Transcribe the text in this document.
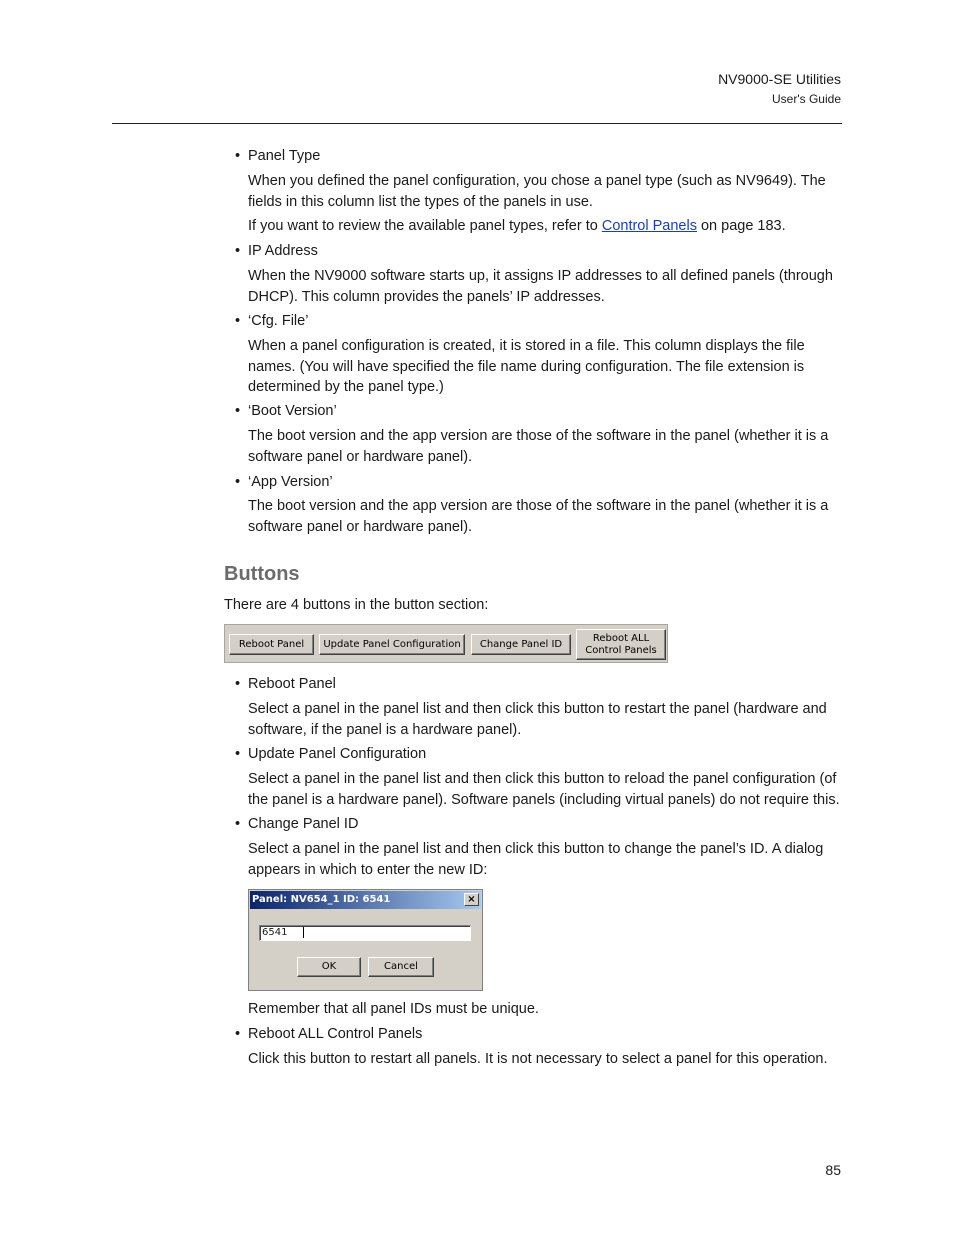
NV9000-SE Utilities
User's Guide
• Panel Type
When you defined the panel configuration, you chose a panel type (such as NV9649). The fields in this column list the types of the panels in use.
If you want to review the available panel types, refer to Control Panels on page 183.
• IP Address
When the NV9000 software starts up, it assigns IP addresses to all defined panels (through DHCP). This column provides the panels’ IP addresses.
• ‘Cfg. File’
When a panel configuration is created, it is stored in a file. This column displays the file names. (You will have specified the file name during configuration. The file extension is determined by the panel type.)
• ‘Boot Version’
The boot version and the app version are those of the software in the panel (whether it is a software panel or hardware panel).
• ‘App Version’
The boot version and the app version are those of the software in the panel (whether it is a software panel or hardware panel).
Buttons
There are 4 buttons in the button section:
Reboot Panel	Update Panel Configuration	Change Panel ID
Reboot ALL
Control Panels
• Reboot Panel
Select a panel in the panel list and then click this button to restart the panel (hardware and software, if the panel is a hardware panel).
• Update Panel Configuration
Select a panel in the panel list and then click this button to reload the panel configuration (of the panel is a hardware panel). Software panels (including virtual panels) do not require this.
• Change Panel ID
Select a panel in the panel list and then click this button to change the panel’s ID. A dialog appears in which to enter the new ID:
Panel: NV654_1 ID: 6541	×
6541
OK	Cancel
Remember that all panel IDs must be unique.
• Reboot ALL Control Panels
Click this button to restart all panels. It is not necessary to select a panel for this operation.
85
